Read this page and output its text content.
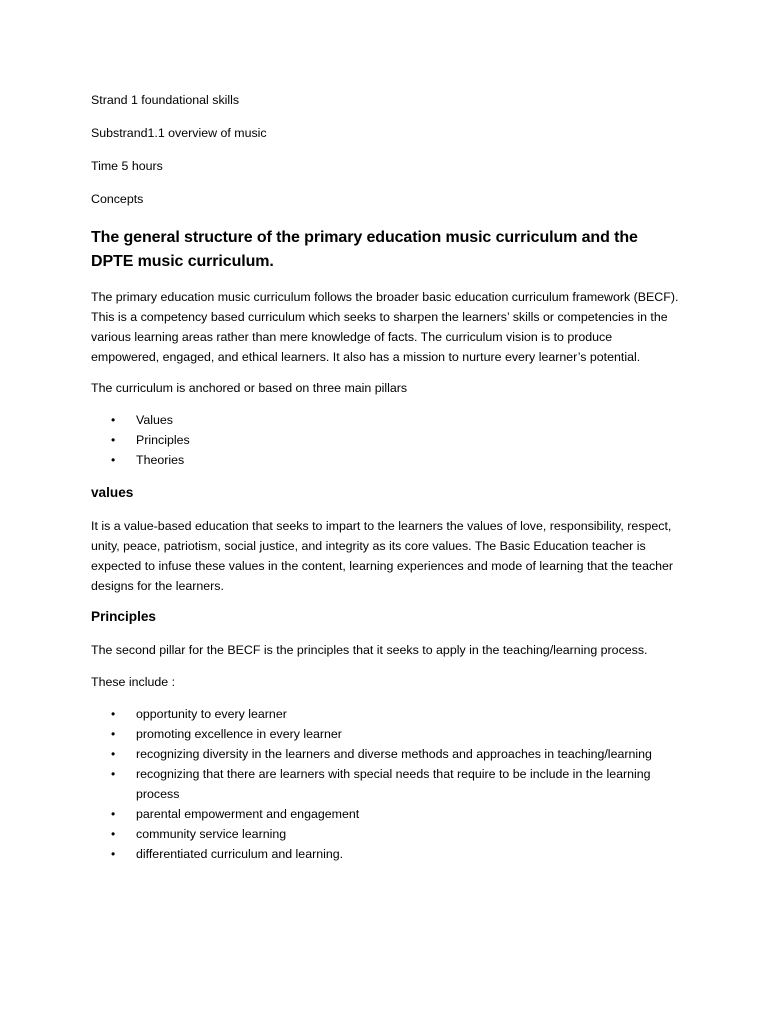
Strand 1 foundational skills

Substrand1.1 overview of music

Time 5 hours

Concepts

The general structure of the primary education music curriculum and the DPTE music curriculum.

The primary education music curriculum follows the broader basic education curriculum framework (BECF). This is a competency based curriculum which seeks to sharpen the learners’ skills or competencies in the various learning areas rather than mere knowledge of facts. The curriculum vision is to produce empowered, engaged, and ethical learners. It also has a mission to nurture every learner’s potential.

The curriculum is anchored or based on three main pillars

• Values
• Principles
• Theories
values

It is a value-based education that seeks to impart to the learners the values of love, responsibility, respect, unity, peace, patriotism, social justice, and integrity as its core values. The Basic Education teacher is expected to infuse these values in the content, learning experiences and mode of learning that the teacher designs for the learners.

Principles

The second pillar for the BECF is the principles that it seeks to apply in the teaching/learning process.

These include :

• opportunity to every learner
• promoting excellence in every learner
• recognizing diversity in the learners and diverse methods and approaches in teaching/learning
• recognizing that there are learners with special needs that require to be include in the learning process
• parental empowerment and engagement
• community service learning
• differentiated curriculum and learning.
